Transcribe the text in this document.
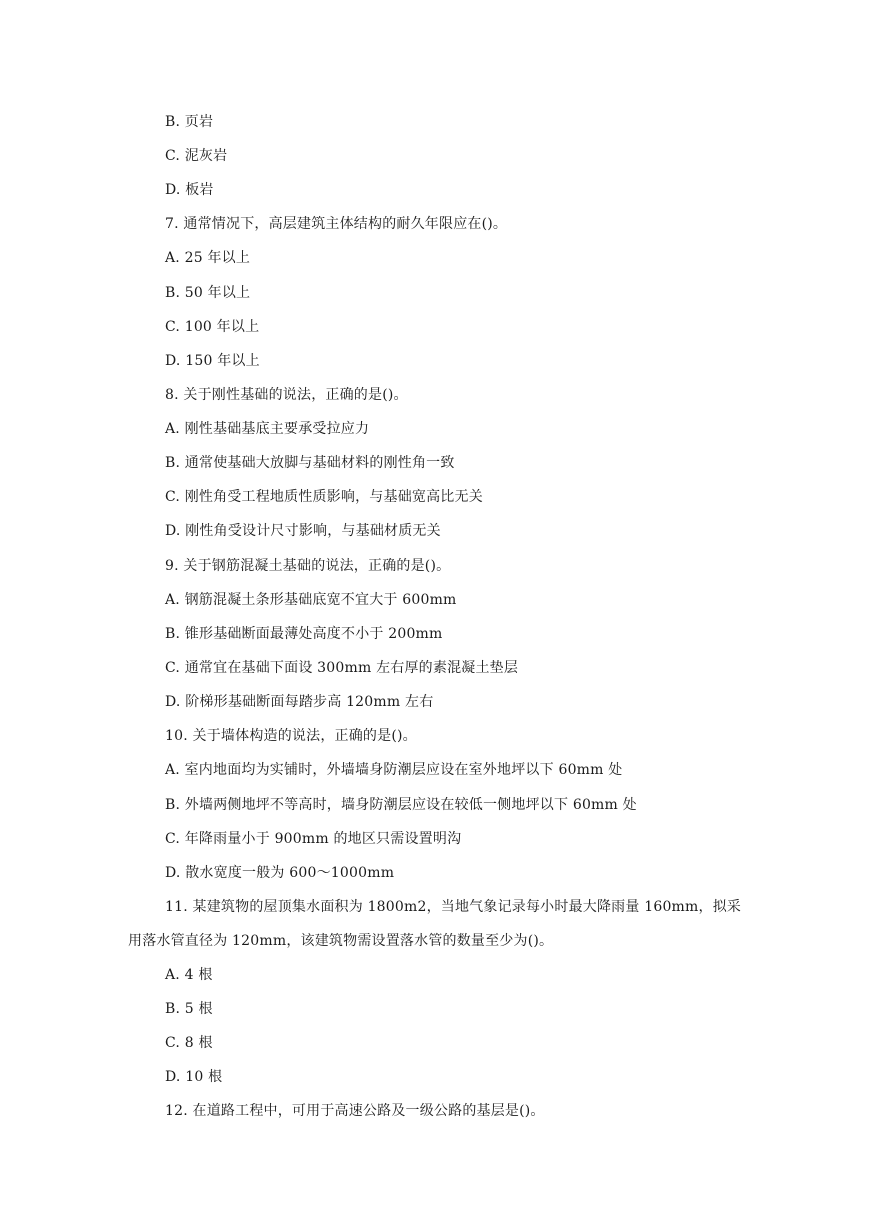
B. 页岩
C. 泥灰岩
D. 板岩
7. 通常情况下，高层建筑主体结构的耐久年限应在()。
A. 25 年以上
B. 50 年以上
C. 100 年以上
D. 150 年以上
8. 关于刚性基础的说法，正确的是()。
A. 刚性基础基底主要承受拉应力
B. 通常使基础大放脚与基础材料的刚性角一致
C. 刚性角受工程地质性质影响，与基础宽高比无关
D. 刚性角受设计尺寸影响，与基础材质无关
9. 关于钢筋混凝土基础的说法，正确的是()。
A. 钢筋混凝土条形基础底宽不宜大于 600mm
B. 锥形基础断面最薄处高度不小于 200mm
C. 通常宜在基础下面设 300mm 左右厚的素混凝土垫层
D. 阶梯形基础断面每踏步高 120mm 左右
10. 关于墙体构造的说法，正确的是()。
A. 室内地面均为实铺时，外墙墙身防潮层应设在室外地坪以下 60mm 处
B. 外墙两侧地坪不等高时，墙身防潮层应设在较低一侧地坪以下 60mm 处
C. 年降雨量小于 900mm 的地区只需设置明沟
D. 散水宽度一般为 600～1000mm
11. 某建筑物的屋顶集水面积为 1800m2，当地气象记录每小时最大降雨量 160mm，拟采用落水管直径为 120mm，该建筑物需设置落水管的数量至少为()。
A. 4 根
B. 5 根
C. 8 根
D. 10 根
12. 在道路工程中，可用于高速公路及一级公路的基层是()。
